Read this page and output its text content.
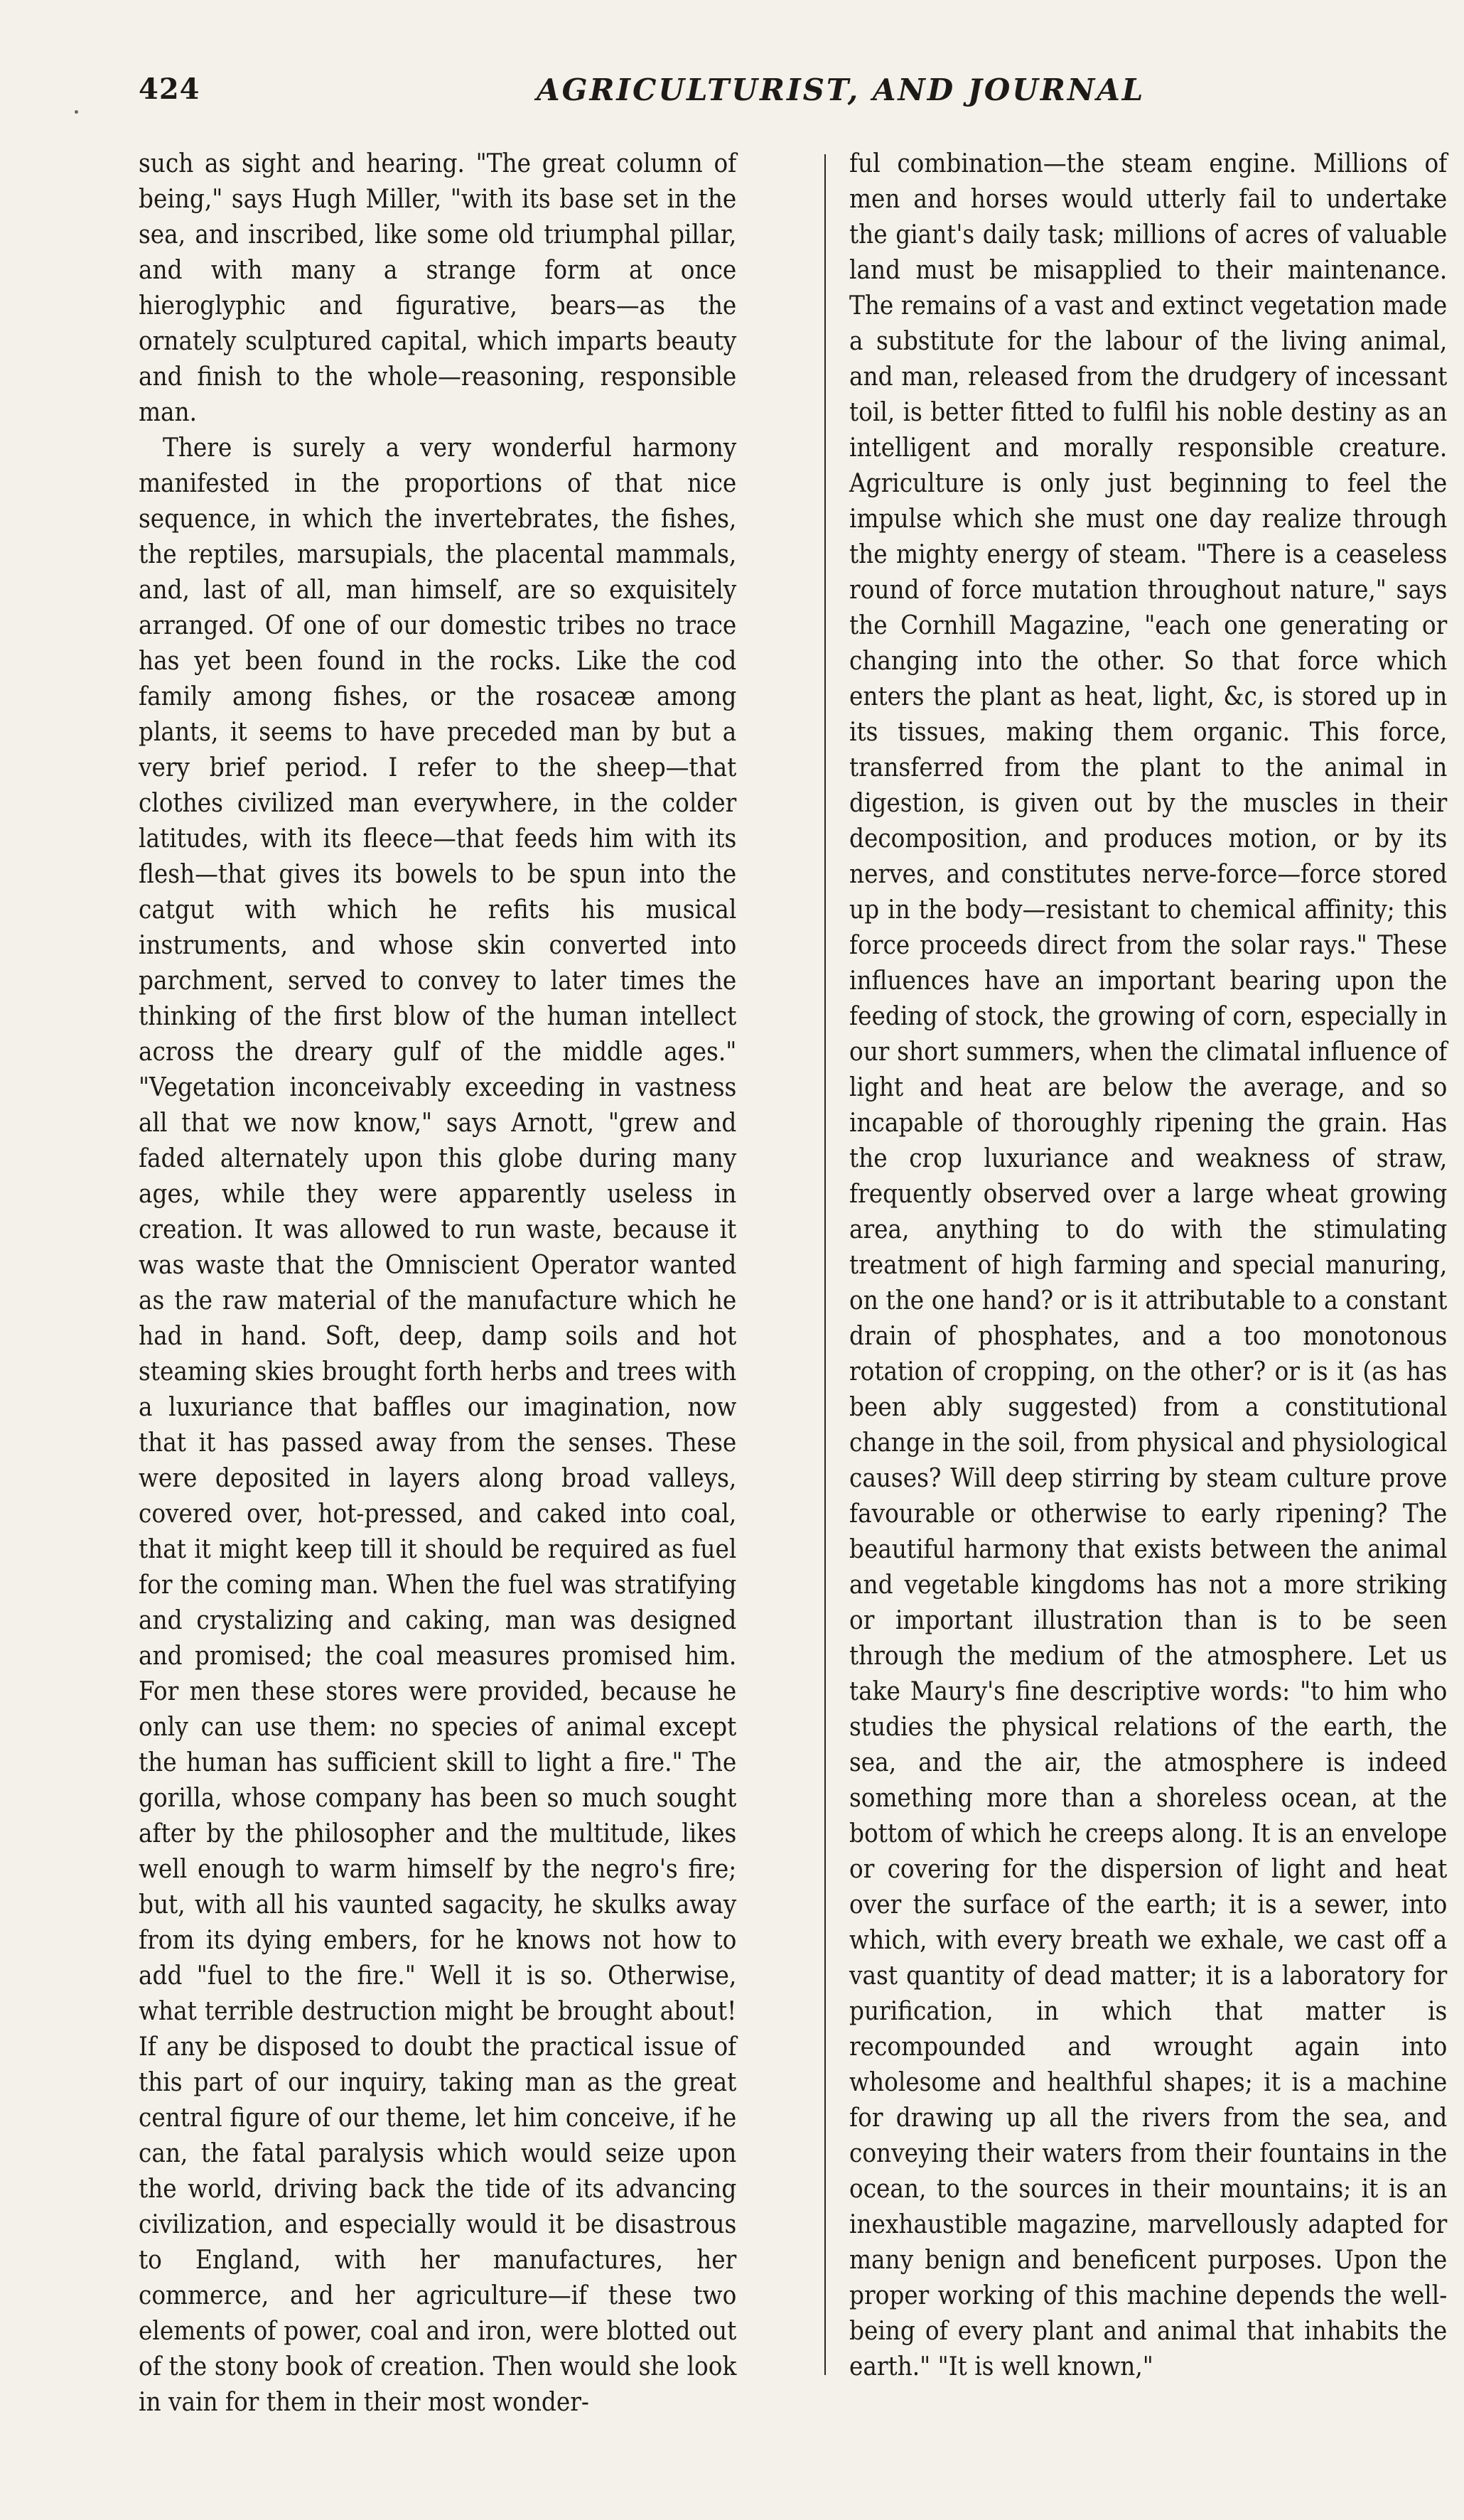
424	AGRICULTURIST, AND JOURNAL

such as sight and hearing. "The great column of being," says Hugh Miller, "with its base set in the sea, and inscribed, like some old triumphal pillar, and with many a strange form at once hieroglyphic and figurative, bears—as the ornately sculptured capital, which imparts beauty and finish to the whole—reasoning, responsible man.

There is surely a very wonderful harmony manifested in the proportions of that nice sequence, in which the invertebrates, the fishes, the reptiles, marsupials, the placental mammals, and, last of all, man himself, are so exquisitely arranged. Of one of our domestic tribes no trace has yet been found in the rocks. Like the cod family among fishes, or the rosaceæ among plants, it seems to have preceded man by but a very brief period. I refer to the sheep—that clothes civilized man everywhere, in the colder latitudes, with its fleece—that feeds him with its flesh—that gives its bowels to be spun into the catgut with which he refits his musical instruments, and whose skin converted into parchment, served to convey to later times the thinking of the first blow of the human intellect across the dreary gulf of the middle ages." "Vegetation inconceivably exceeding in vastness all that we now know," says Arnott, "grew and faded alternately upon this globe during many ages, while they were apparently useless in creation. It was allowed to run waste, because it was waste that the Omniscient Operator wanted as the raw material of the manufacture which he had in hand. Soft, deep, damp soils and hot steaming skies brought forth herbs and trees with a luxuriance that baffles our imagination, now that it has passed away from the senses. These were deposited in layers along broad valleys, covered over, hot-pressed, and caked into coal, that it might keep till it should be required as fuel for the coming man. When the fuel was stratifying and crystalizing and caking, man was designed and promised; the coal measures promised him. For men these stores were provided, because he only can use them: no species of animal except the human has sufficient skill to light a fire." The gorilla, whose company has been so much sought after by the philosopher and the multitude, likes well enough to warm himself by the negro's fire; but, with all his vaunted sagacity, he skulks away from its dying embers, for he knows not how to add "fuel to the fire." Well it is so. Otherwise, what terrible destruction might be brought about! If any be disposed to doubt the practical issue of this part of our inquiry, taking man as the great central figure of our theme, let him conceive, if he can, the fatal paralysis which would seize upon the world, driving back the tide of its advancing civilization, and especially would it be disastrous to England, with her manufactures, her commerce, and her agriculture—if these two elements of power, coal and iron, were blotted out of the stony book of creation. Then would she look in vain for them in their most wonder-

ful combination—the steam engine. Millions of men and horses would utterly fail to undertake the giant's daily task; millions of acres of valuable land must be misapplied to their maintenance. The remains of a vast and extinct vegetation made a substitute for the labour of the living animal, and man, released from the drudgery of incessant toil, is better fitted to fulfil his noble destiny as an intelligent and morally responsible creature. Agriculture is only just beginning to feel the impulse which she must one day realize through the mighty energy of steam. "There is a ceaseless round of force mutation throughout nature," says the Cornhill Magazine, "each one generating or changing into the other. So that force which enters the plant as heat, light, &c, is stored up in its tissues, making them organic. This force, transferred from the plant to the animal in digestion, is given out by the muscles in their decomposition, and produces motion, or by its nerves, and constitutes nerve-force—force stored up in the body—resistant to chemical affinity; this force proceeds direct from the solar rays." These influences have an important bearing upon the feeding of stock, the growing of corn, especially in our short summers, when the climatal influence of light and heat are below the average, and so incapable of thoroughly ripening the grain. Has the crop luxuriance and weakness of straw, frequently observed over a large wheat growing area, anything to do with the stimulating treatment of high farming and special manuring, on the one hand? or is it attributable to a constant drain of phosphates, and a too monotonous rotation of cropping, on the other? or is it (as has been ably suggested) from a constitutional change in the soil, from physical and physiological causes? Will deep stirring by steam culture prove favourable or otherwise to early ripening? The beautiful harmony that exists between the animal and vegetable kingdoms has not a more striking or important illustration than is to be seen through the medium of the atmosphere. Let us take Maury's fine descriptive words: "to him who studies the physical relations of the earth, the sea, and the air, the atmosphere is indeed something more than a shoreless ocean, at the bottom of which he creeps along. It is an envelope or covering for the dispersion of light and heat over the surface of the earth; it is a sewer, into which, with every breath we exhale, we cast off a vast quantity of dead matter; it is a laboratory for purification, in which that matter is recompounded and wrought again into wholesome and healthful shapes; it is a machine for drawing up all the rivers from the sea, and conveying their waters from their fountains in the ocean, to the sources in their mountains; it is an inexhaustible magazine, marvellously adapted for many benign and beneficent purposes. Upon the proper working of this machine depends the well-being of every plant and animal that inhabits the earth." "It is well known,"
